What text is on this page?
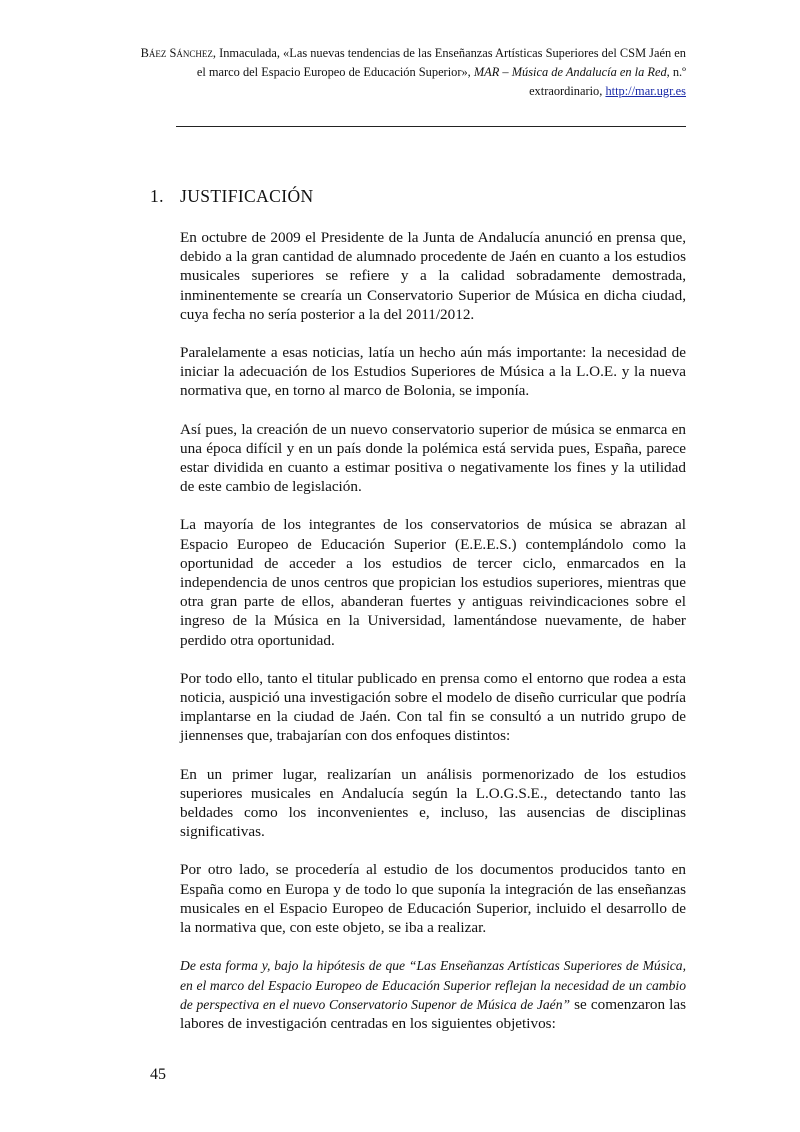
Báez Sánchez, Inmaculada, «Las nuevas tendencias de las Enseñanzas Artísticas Superiores del CSM Jaén en el marco del Espacio Europeo de Educación Superior», MAR – Música de Andalucía en la Red, n.º extraordinario, http://mar.ugr.es
1. JUSTIFICACIÓN

En octubre de 2009 el Presidente de la Junta de Andalucía anunció en prensa que, debido a la gran cantidad de alumnado procedente de Jaén en cuanto a los estudios musicales superiores se refiere y a la calidad sobradamente demostrada, inminentemente se crearía un Conservatorio Superior de Música en dicha ciudad, cuya fecha no sería posterior a la del 2011/2012.

Paralelamente a esas noticias, latía un hecho aún más importante: la necesidad de iniciar la adecuación de los Estudios Superiores de Música a la L.O.E. y la nueva normativa que, en torno al marco de Bolonia, se imponía.

Así pues, la creación de un nuevo conservatorio superior de música se enmarca en una época difícil y en un país donde la polémica está servida pues, España, parece estar dividida en cuanto a estimar positiva o negativamente los fines y la utilidad de este cambio de legislación.

La mayoría de los integrantes de los conservatorios de música se abrazan al Espacio Europeo de Educación Superior (E.E.E.S.) contemplándolo como la oportunidad de acceder a los estudios de tercer ciclo, enmarcados en la independencia de unos centros que propician los estudios superiores, mientras que otra gran parte de ellos, abanderan fuertes y antiguas reivindicaciones sobre el ingreso de la Música en la Universidad, lamentándose nuevamente, de haber perdido otra oportunidad.

Por todo ello, tanto el titular publicado en prensa como el entorno que rodea a esta noticia, auspició una investigación sobre el modelo de diseño curricular que podría implantarse en la ciudad de Jaén. Con tal fin se consultó a un nutrido grupo de jiennenses que, trabajarían con dos enfoques distintos:

En un primer lugar, realizarían un análisis pormenorizado de los estudios superiores musicales en Andalucía según la L.O.G.S.E., detectando tanto las beldades como los inconvenientes e, incluso, las ausencias de disciplinas significativas.

Por otro lado, se procedería al estudio de los documentos producidos tanto en España como en Europa y de todo lo que suponía la integración de las enseñanzas musicales en el Espacio Europeo de Educación Superior, incluido el desarrollo de la normativa que, con este objeto, se iba a realizar.

De esta forma y, bajo la hipótesis de que “Las Enseñanzas Artísticas Superiores de Música, en el marco del Espacio Europeo de Educación Superior reflejan la necesidad de un cambio de perspectiva en el nuevo Conservatorio Supenor de Música de Jaén” se comenzaron las labores de investigación centradas en los siguientes objetivos:

45
